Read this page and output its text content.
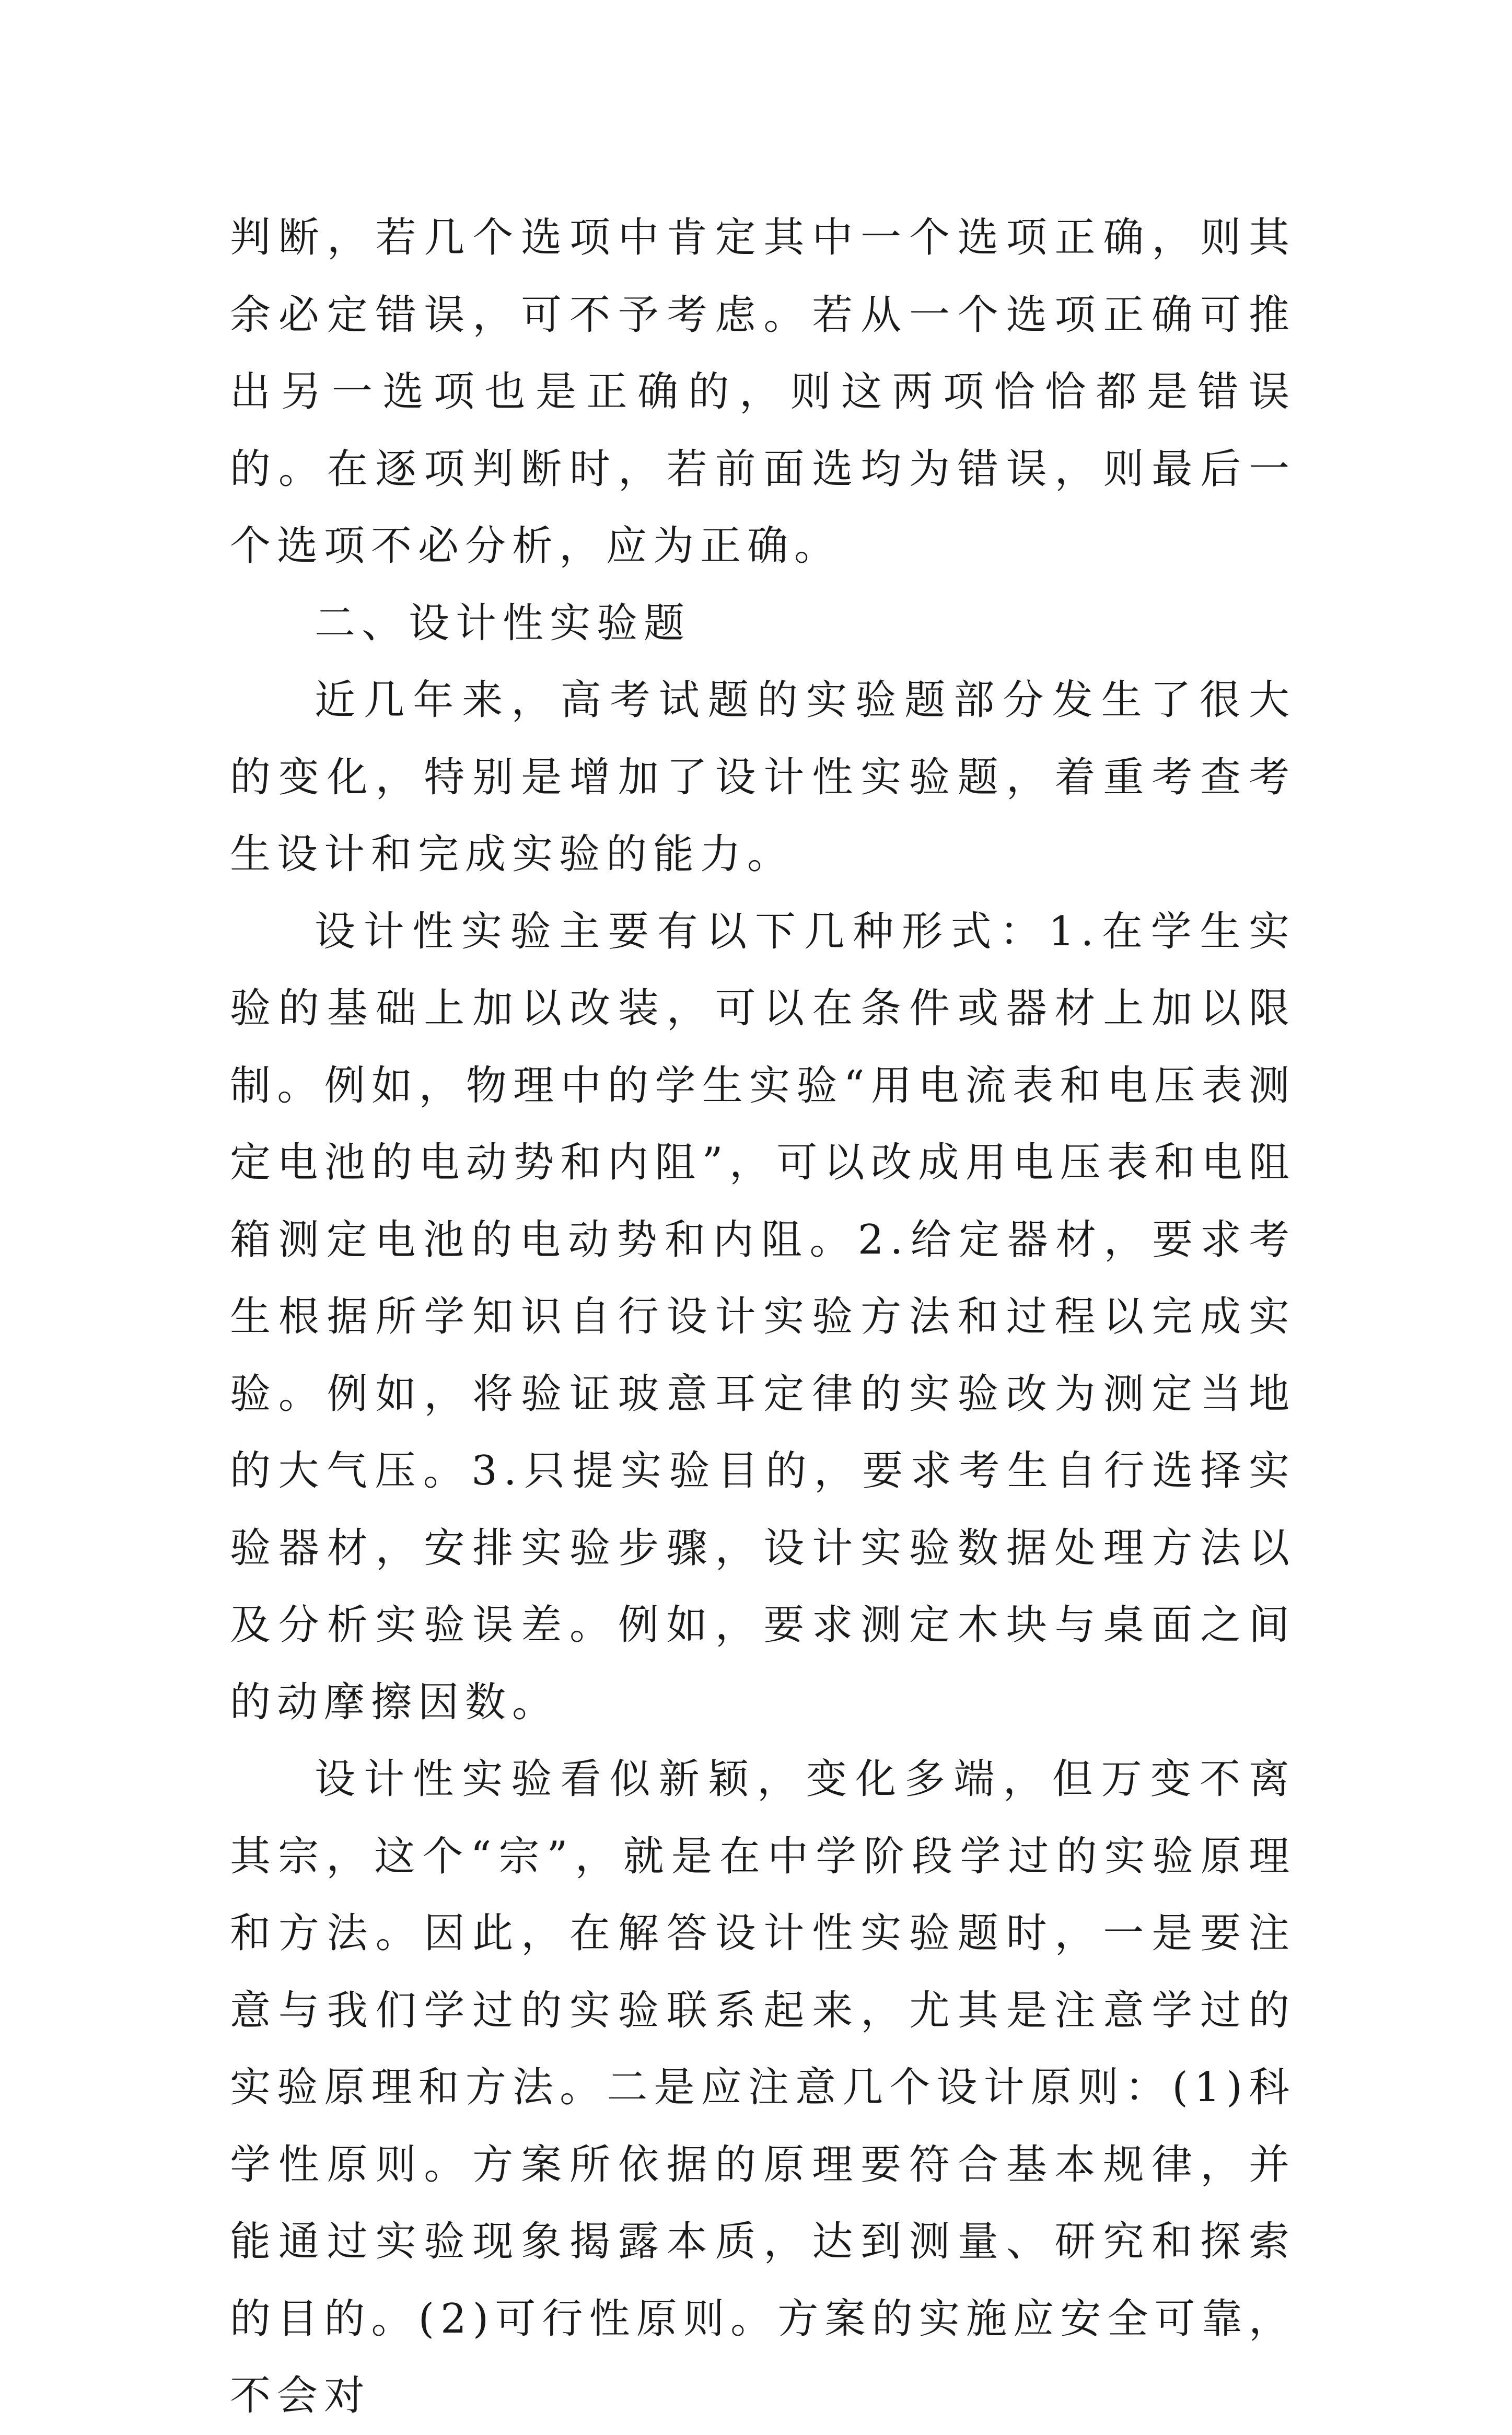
判断，若几个选项中肯定其中一个选项正确，则其余必定错误，可不予考虑。若从一个选项正确可推出另一选项也是正确的，则这两项恰恰都是错误的。在逐项判断时，若前面选均为错误，则最后一个选项不必分析，应为正确。

二、设计性实验题

近几年来，高考试题的实验题部分发生了很大的变化，特别是增加了设计性实验题，着重考查考生设计和完成实验的能力。

设计性实验主要有以下几种形式：1.在学生实验的基础上加以改装，可以在条件或器材上加以限制。例如，物理中的学生实验“用电流表和电压表测定电池的电动势和内阻”，可以改成用电压表和电阻箱测定电池的电动势和内阻。2.给定器材，要求考生根据所学知识自行设计实验方法和过程以完成实验。例如，将验证玻意耳定律的实验改为测定当地的大气压。3.只提实验目的，要求考生自行选择实验器材，安排实验步骤，设计实验数据处理方法以及分析实验误差。例如，要求测定木块与桌面之间的动摩擦因数。

设计性实验看似新颖，变化多端，但万变不离其宗，这个“宗”，就是在中学阶段学过的实验原理和方法。因此，在解答设计性实验题时，一是要注意与我们学过的实验联系起来，尤其是注意学过的实验原理和方法。二是应注意几个设计原则：(1)科学性原则。方案所依据的原理要符合基本规律，并能通过实验现象揭露本质，达到测量、研究和探索的目的。(2)可行性原则。方案的实施应安全可靠，不会对
